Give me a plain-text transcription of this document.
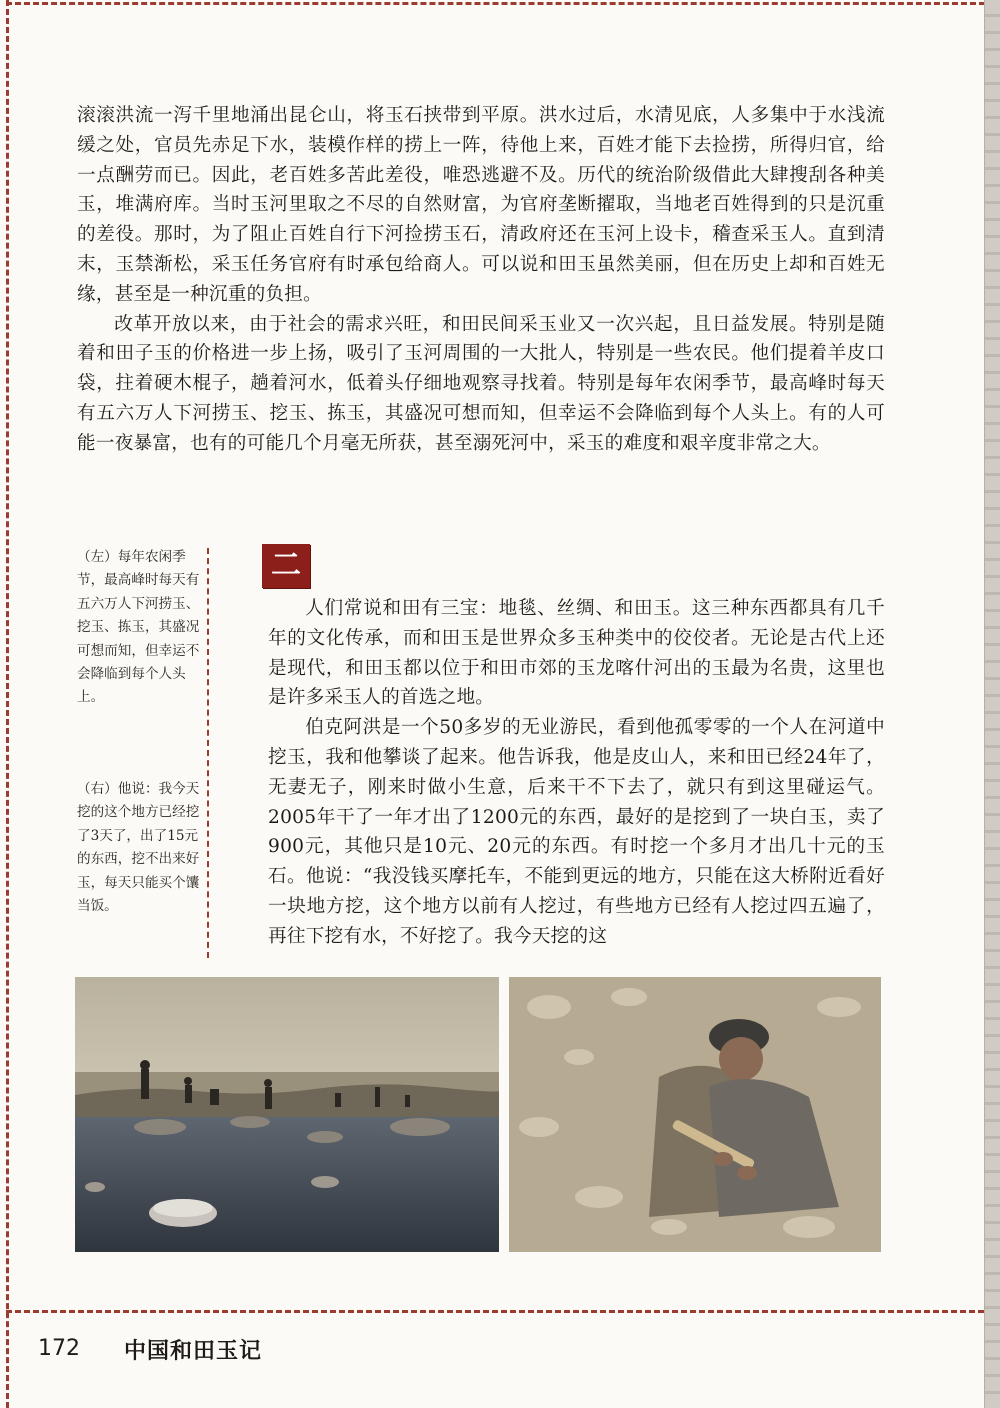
滚滚洪流一泻千里地涌出昆仑山，将玉石挟带到平原。洪水过后，水清见底，人多集中于水浅流缓之处，官员先赤足下水，装模作样的捞上一阵，待他上来，百姓才能下去捡捞，所得归官，给一点酬劳而已。因此，老百姓多苦此差役，唯恐逃避不及。历代的统治阶级借此大肆搜刮各种美玉，堆满府库。当时玉河里取之不尽的自然财富，为官府垄断擢取，当地老百姓得到的只是沉重的差役。那时，为了阻止百姓自行下河捡捞玉石，清政府还在玉河上设卡，稽查采玉人。直到清末，玉禁渐松，采玉任务官府有时承包给商人。可以说和田玉虽然美丽，但在历史上却和百姓无缘，甚至是一种沉重的负担。

改革开放以来，由于社会的需求兴旺，和田民间采玉业又一次兴起，且日益发展。特别是随着和田子玉的价格进一步上扬，吸引了玉河周围的一大批人，特别是一些农民。他们提着羊皮口袋，拄着硬木棍子，趟着河水，低着头仔细地观察寻找着。特别是每年农闲季节，最高峰时每天有五六万人下河捞玉、挖玉、拣玉，其盛况可想而知，但幸运不会降临到每个人头上。有的人可能一夜暴富，也有的可能几个月毫无所获，甚至溺死河中，采玉的难度和艰辛度非常之大。

（左）每年农闲季节，最高峰时每天有五六万人下河捞玉、挖玉、拣玉，其盛况可想而知，但幸运不会降临到每个人头上。

（右）他说：我今天挖的这个地方已经挖了3天了，出了15元的东西，挖不出来好玉，每天只能买个馕当饭。

二

人们常说和田有三宝：地毯、丝绸、和田玉。这三种东西都具有几千年的文化传承，而和田玉是世界众多玉种类中的佼佼者。无论是古代上还是现代，和田玉都以位于和田市郊的玉龙喀什河出的玉最为名贵，这里也是许多采玉人的首选之地。

伯克阿洪是一个50多岁的无业游民，看到他孤零零的一个人在河道中挖玉，我和他攀谈了起来。他告诉我，他是皮山人，来和田已经24年了，无妻无子，刚来时做小生意，后来干不下去了，就只有到这里碰运气。2005年干了一年才出了1200元的东西，最好的是挖到了一块白玉，卖了900元，其他只是10元、20元的东西。有时挖一个多月才出几十元的玉石。他说：“我没钱买摩托车，不能到更远的地方，只能在这大桥附近看好一块地方挖，这个地方以前有人挖过，有些地方已经有人挖过四五遍了，再往下挖有水，不好挖了。我今天挖的这

172 中国和田玉记
